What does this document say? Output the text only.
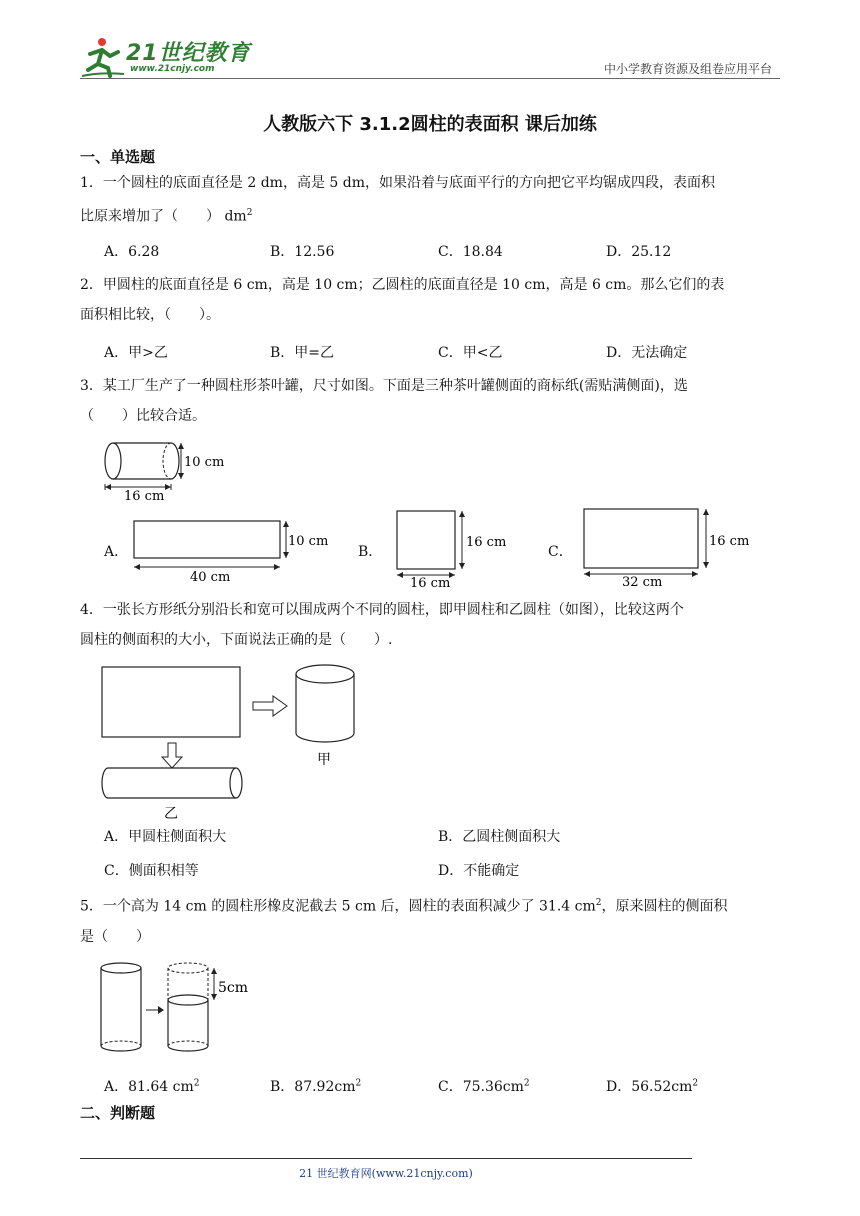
21世纪教育
www.21cnjy.com	中小学教育资源及组卷应用平台
人教版六下 3.1.2圆柱的表面积 课后加练
一、单选题
1．一个圆柱的底面直径是 2 dm，高是 5 dm，如果沿着与底面平行的方向把它平均锯成四段，表面积
比原来增加了（　　） $dm^2$
A．6.28	B．12.56	C．18.84	D．25.12
2．甲圆柱的底面直径是 6 cm，高是 10 cm；乙圆柱的底面直径是 10 cm，高是 6 cm。那么它们的表
面积相比较，（　　）。
A．甲>乙	B．甲=乙	C．甲<乙	D．无法确定
3．某工厂生产了一种圆柱形茶叶罐，尺寸如图。下面是三种茶叶罐侧面的商标纸(需贴满侧面)，选
（　　）比较合适。
10 cm
16 cm
A．
10 cm
40 cm
B．
16 cm
16 cm
C．
16 cm
32 cm
4．一张长方形纸分别沿长和宽可以围成两个不同的圆柱，即甲圆柱和乙圆柱（如图），比较这两个
圆柱的侧面积的大小，下面说法正确的是（　　）.
甲
乙
A．甲圆柱侧面积大	B．乙圆柱侧面积大
C．侧面积相等	D．不能确定
5．一个高为 14 cm 的圆柱形橡皮泥截去 5 cm 后，圆柱的表面积减少了 31.4 $cm^2$，原来圆柱的侧面积
是（　　）
5cm
A．81.64 $cm^2$	B．$87.92cm^2$	C．$75.36cm^2$	D．$56.52cm^2$
二、判断题
21 世纪教育网(www.21cnjy.com)
